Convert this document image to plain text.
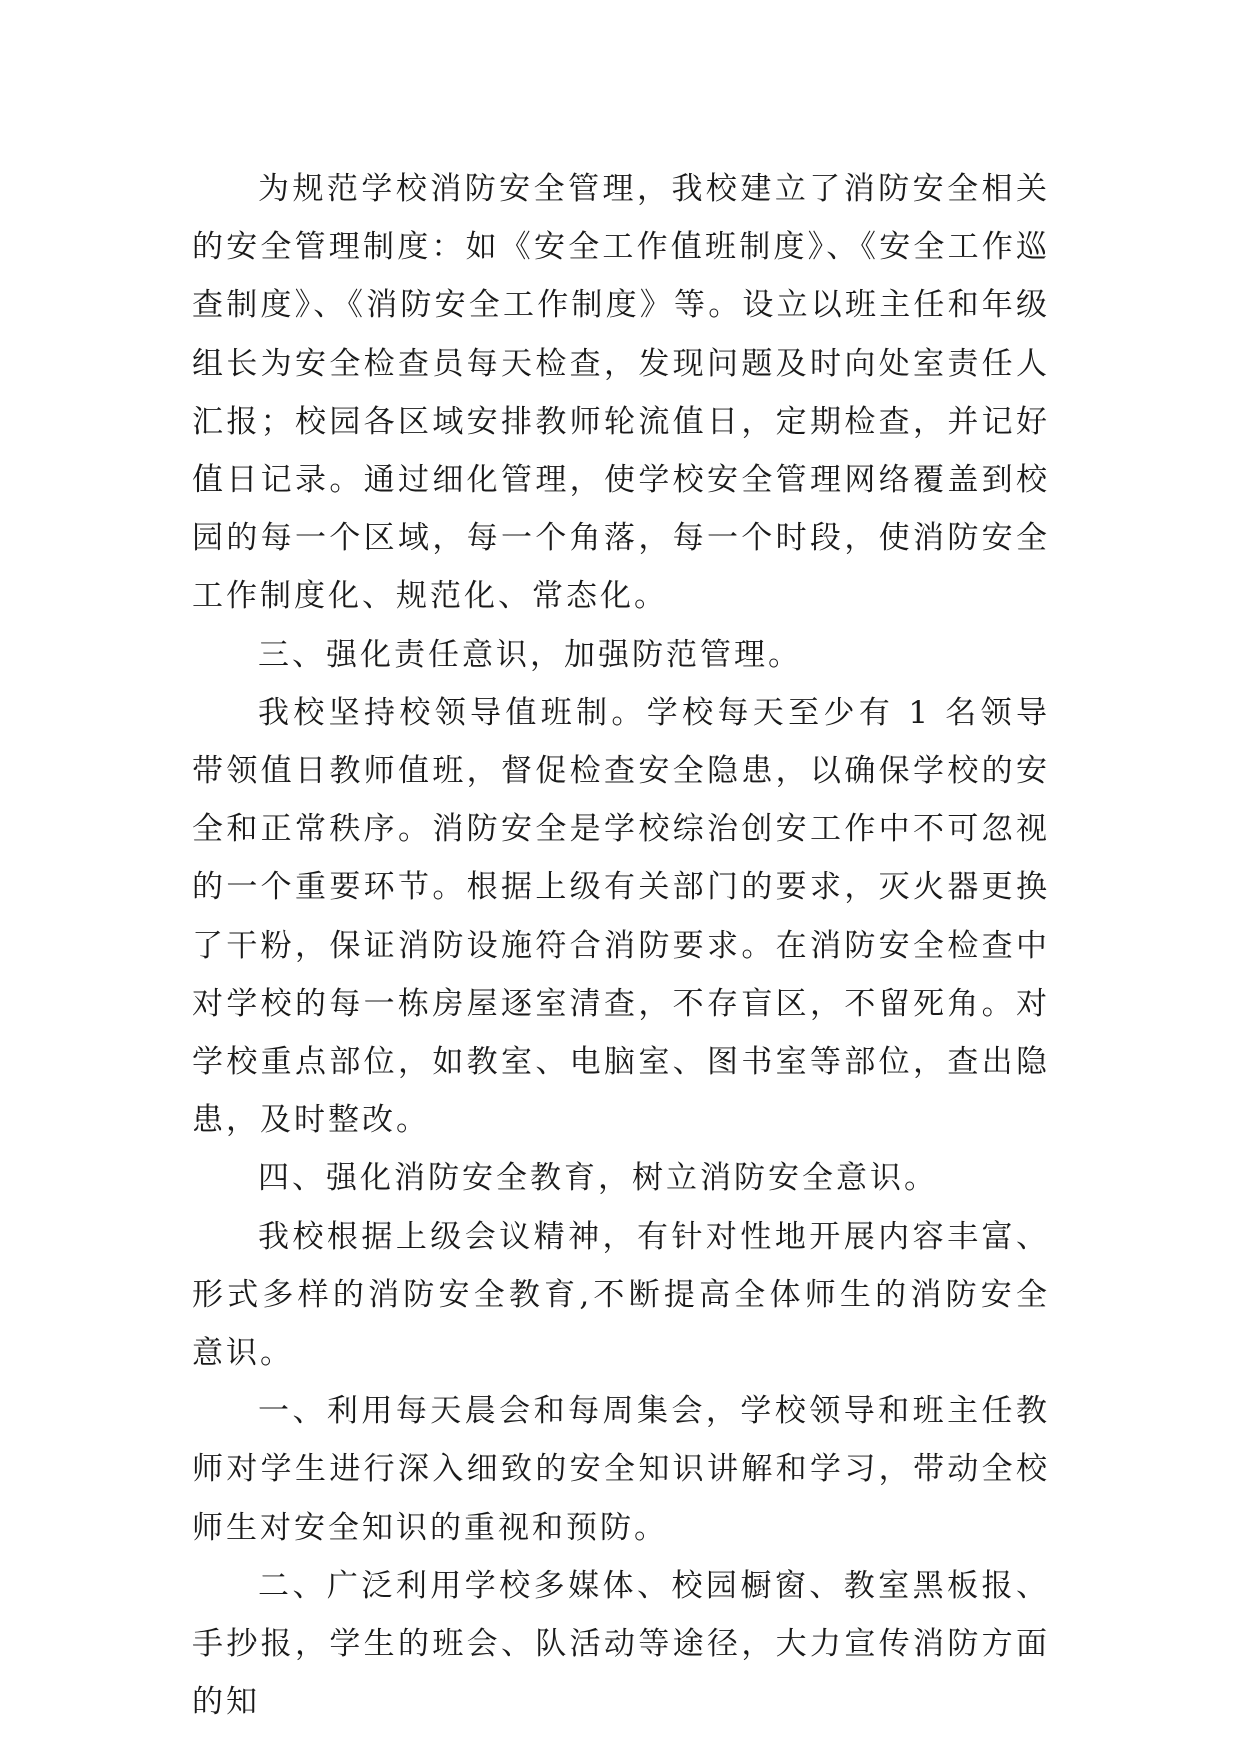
为规范学校消防安全管理，我校建立了消防安全相关的安全管理制度：如《安全工作值班制度》、《安全工作巡查制度》、《消防安全工作制度》等。设立以班主任和年级组长为安全检查员每天检查，发现问题及时向处室责任人汇报；校园各区域安排教师轮流值日，定期检查，并记好值日记录。通过细化管理，使学校安全管理网络覆盖到校园的每一个区域，每一个角落，每一个时段，使消防安全工作制度化、规范化、常态化。

三、强化责任意识，加强防范管理。

我校坚持校领导值班制。学校每天至少有 1 名领导带领值日教师值班，督促检查安全隐患，以确保学校的安全和正常秩序。消防安全是学校综治创安工作中不可忽视的一个重要环节。根据上级有关部门的要求，灭火器更换了干粉，保证消防设施符合消防要求。在消防安全检查中对学校的每一栋房屋逐室清查，不存盲区，不留死角。对学校重点部位，如教室、电脑室、图书室等部位，查出隐患，及时整改。

四、强化消防安全教育，树立消防安全意识。

我校根据上级会议精神，有针对性地开展内容丰富、形式多样的消防安全教育,不断提高全体师生的消防安全意识。

一、利用每天晨会和每周集会，学校领导和班主任教师对学生进行深入细致的安全知识讲解和学习，带动全校师生对安全知识的重视和预防。

二、广泛利用学校多媒体、校园橱窗、教室黑板报、手抄报，学生的班会、队活动等途径，大力宣传消防方面的知
